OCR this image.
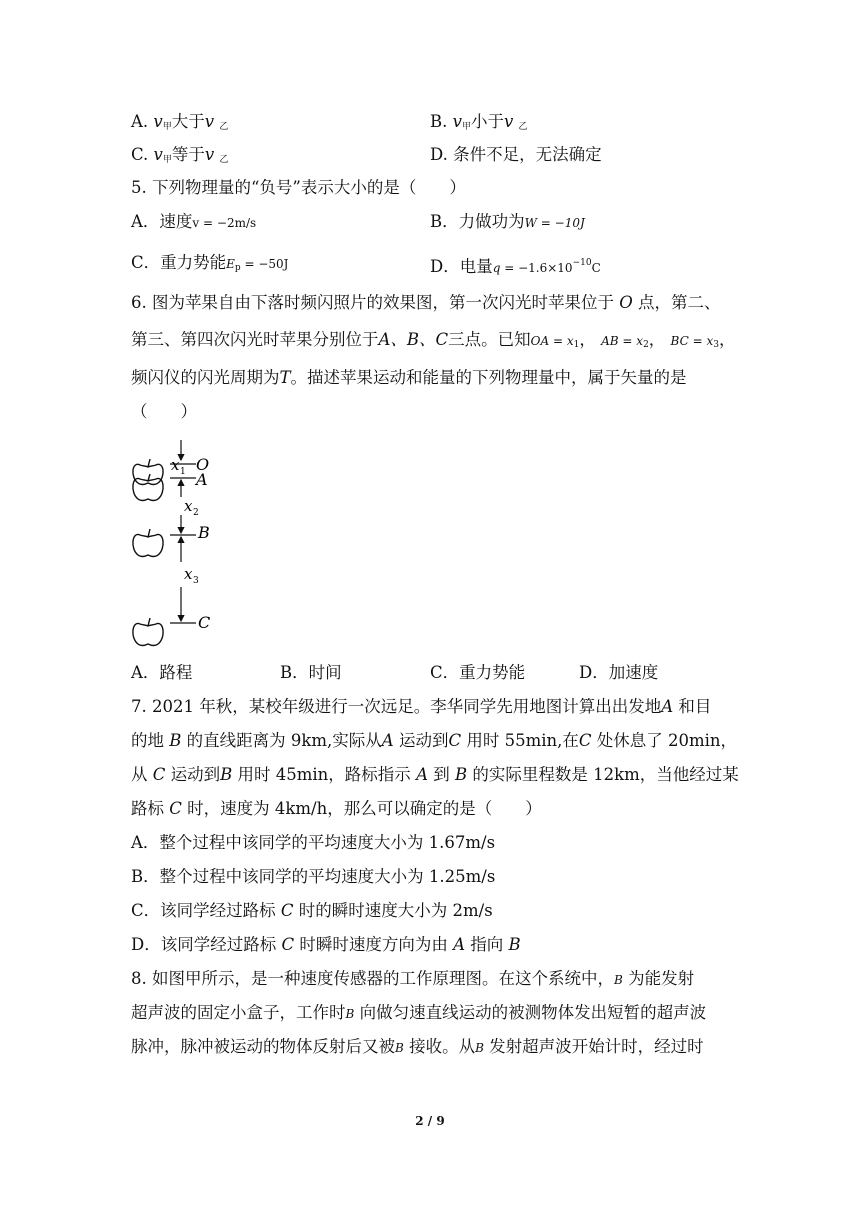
A. $v_甲$大于v $_乙$	B. $v_甲$小于v $_乙$
C. $v_甲$等于v $_乙$	D. 条件不足，无法确定
5. 下列物理量的“负号”表示大小的是（　　）
A．速度v = −2m/s	B．力做功为W = −10J
C．重力势能$E_p = -50J$	D．电量$q = -1.6\times 10^{-10}C$
6. 图为苹果自由下落时频闪照片的效果图，第一次闪光时苹果位于 O 点，第二、
第三、第四次闪光时苹果分别位于A、B、C三点。已知OA = $x_1$， AB = $x_2$， BC = $x_3$，
频闪仪的闪光周期为T。描述苹果运动和能量的下列物理量中，属于矢量的是
（　　）
O
A
B
C
x 1
x 2
x 3
A．路程	B．时间	C．重力势能	D．加速度
7. 2021 年秋，某校年级进行一次远足。李华同学先用地图计算出出发地A 和目
的地 B 的直线距离为 9km,实际从A 运动到C 用时 55min,在C 处休息了 20min，
从 C 运动到B 用时 45min，路标指示 A 到 B 的实际里程数是 12km，当他经过某
路标 C 时，速度为 4km/h，那么可以确定的是（　　）
A．整个过程中该同学的平均速度大小为 1.67m/s
B．整个过程中该同学的平均速度大小为 1.25m/s
C．该同学经过路标 C 时的瞬时速度大小为 2m/s
D．该同学经过路标 C 时瞬时速度方向为由 A 指向 B
8. 如图甲所示，是一种速度传感器的工作原理图。在这个系统中，B 为能发射
超声波的固定小盒子，工作时B 向做匀速直线运动的被测物体发出短暂的超声波
脉冲，脉冲被运动的物体反射后又被B 接收。从B 发射超声波开始计时，经过时
2 / 9
